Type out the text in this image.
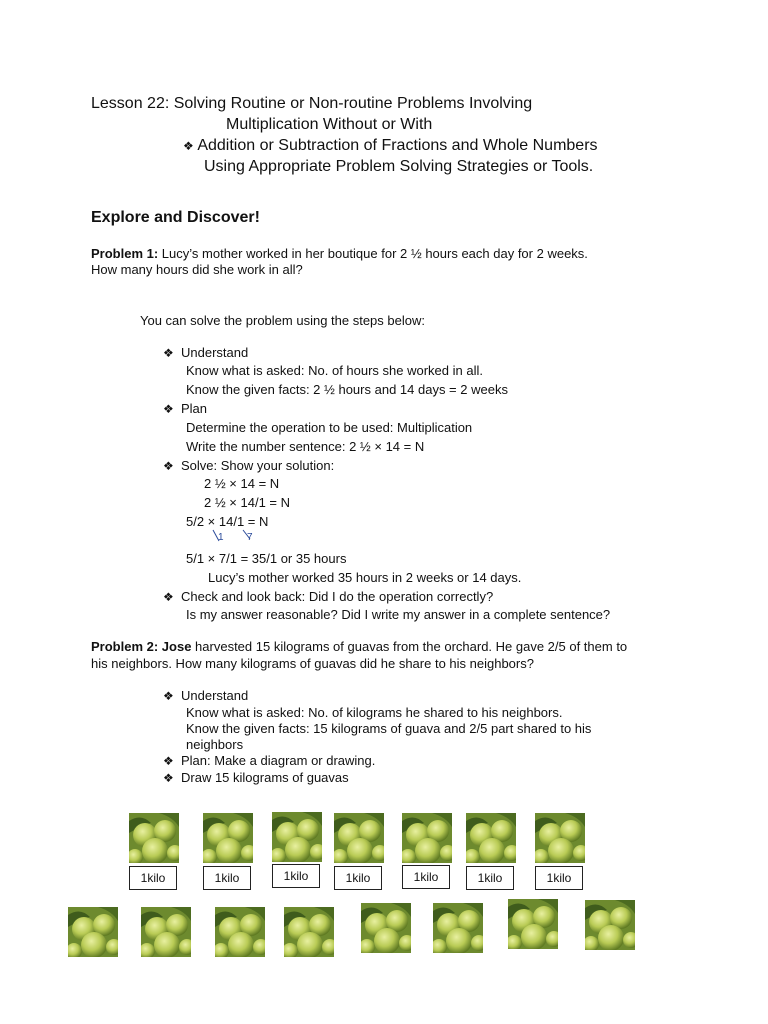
Lesson 22: Solving Routine or Non-routine Problems Involving
Multiplication Without or With
❖ Addition or Subtraction of Fractions and Whole Numbers
Using Appropriate Problem Solving Strategies or Tools.
Explore and Discover!
Problem 1: Lucy’s mother worked in her boutique for 2 ½ hours each day for 2 weeks.
How many hours did she work in all?
You can solve the problem using the steps below:
❖ Understand
Know what is asked: No. of hours she worked in all.
Know the given facts: 2 ½ hours and 14 days = 2 weeks
❖ Plan
Determine the operation to be used: Multiplication
Write the number sentence: 2 ½ × 14 = N
❖ Solve: Show your solution:
2 ½ × 14 = N
2 ½ × 14/1 = N
5/2 × 14/1 = N
1 7
5/1 × 7/1 = 35/1 or 35 hours
Lucy’s mother worked 35 hours in 2 weeks or 14 days.
❖ Check and look back: Did I do the operation correctly?
Is my answer reasonable? Did I write my answer in a complete sentence?
Problem 2: Jose harvested 15 kilograms of guavas from the orchard. He gave 2/5 of them to
his neighbors. How many kilograms of guavas did he share to his neighbors?
❖ Understand
Know what is asked: No. of kilograms he shared to his neighbors.
Know the given facts: 15 kilograms of guava and 2/5 part shared to his
neighbors
❖ Plan: Make a diagram or drawing.
❖ Draw 15 kilograms of guavas
1kilo	1kilo	1kilo	1kilo	1kilo	1kilo	1kilo
